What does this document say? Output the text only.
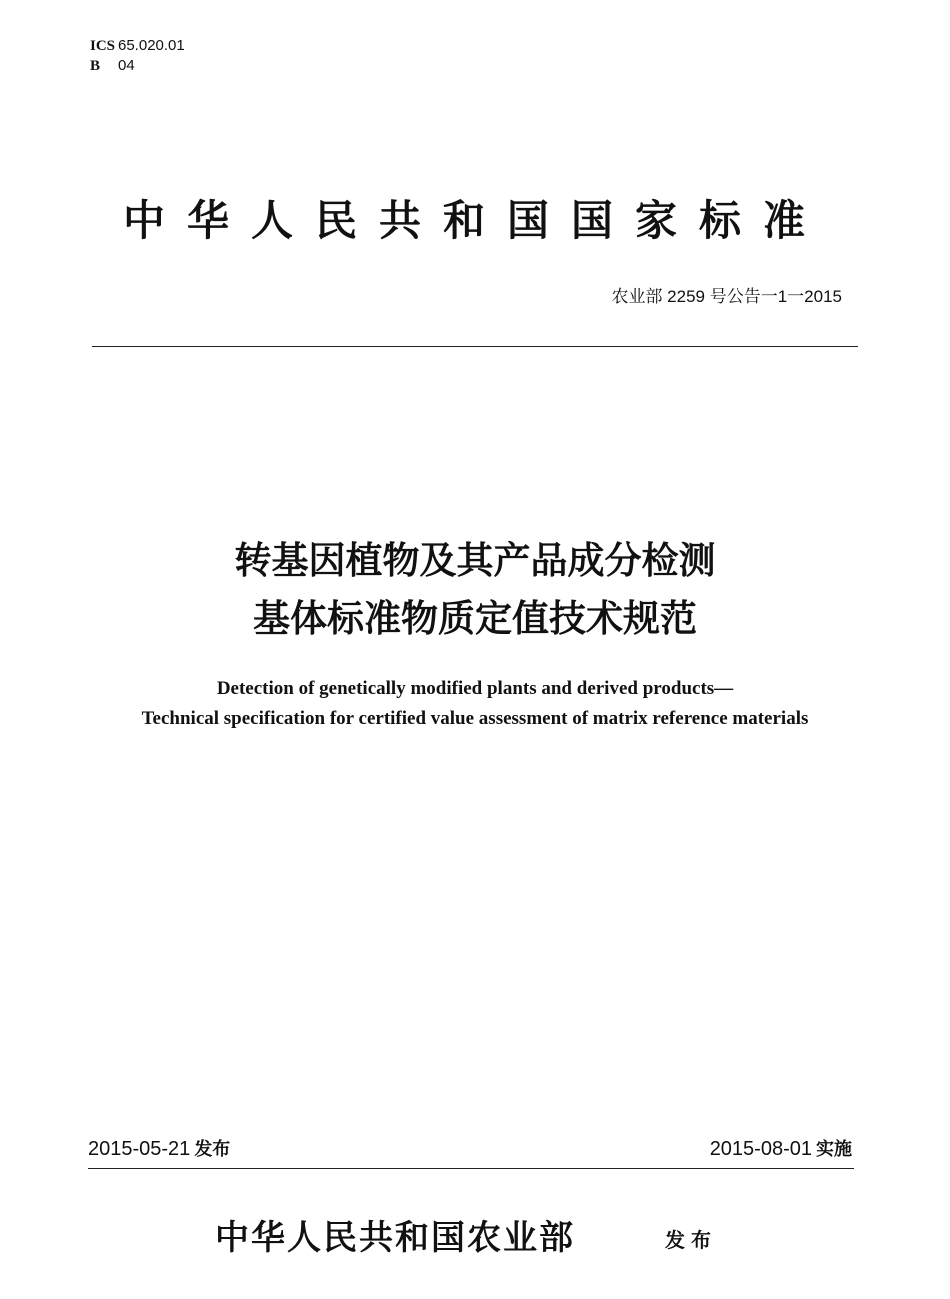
ICS 65.020.01
B 04
中华人民共和国国家标准
农业部 2259 号公告一1一2015
转基因植物及其产品成分检测
基体标准物质定值技术规范
Detection of genetically modified plants and derived products—
Technical specification for certified value assessment of matrix reference materials
2015-05-21 发布	2015-08-01 实施
中华人民共和国农业部	发布
